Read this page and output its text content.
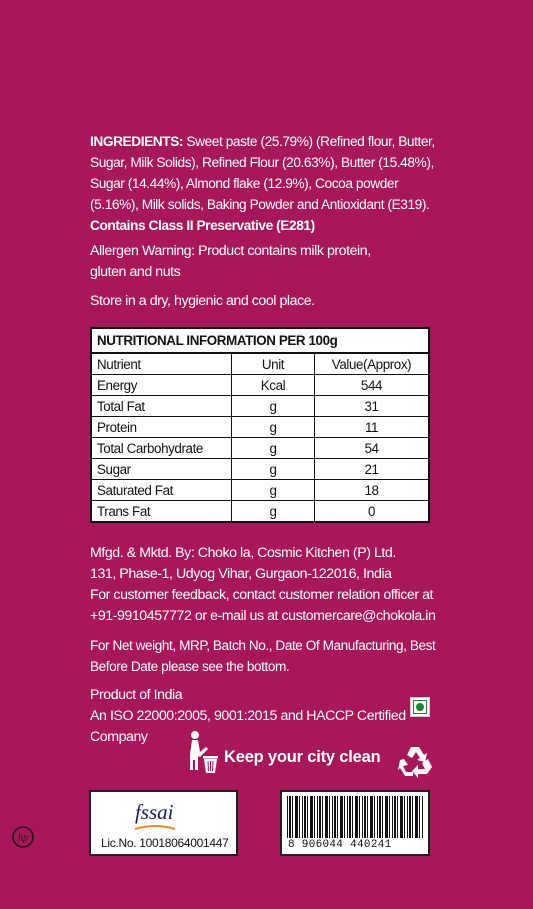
INGREDIENTS: Sweet paste (25.79%) (Refined flour, Butter,
Sugar, Milk Solids), Refined Flour (20.63%), Butter (15.48%),
Sugar (14.44%), Almond flake (12.9%), Cocoa powder
(5.16%), Milk solids, Baking Powder and Antioxidant (E319).
Contains Class II Preservative (E281)
Allergen Warning: Product contains milk protein,
gluten and nuts
Store in a dry, hygienic and cool place.
NUTRITIONAL INFORMATION PER 100g		
Nutrient	Unit	Value(Approx)
Energy	Kcal	544
Total Fat	g	31
Protein	g	11
Total Carbohydrate	g	54
Sugar	g	21
Saturated Fat	g	18
Trans Fat	g	0
Mfgd. & Mktd. By: Choko la, Cosmic Kitchen (P) Ltd.
131, Phase-1, Udyog Vihar, Gurgaon-122016, India
For customer feedback, contact customer relation officer at
+91-9910457772 or e-mail us at customercare@chokola.in
For Net weight, MRP, Batch No., Date Of Manufacturing, Best
Before Date please see the bottom.
Product of India
An ISO 22000:2005, 9001:2015 and HACCP Certified
Company
Keep your city clean
hp
fssai
Lic.No. 10018064001447	8 906044 440241
